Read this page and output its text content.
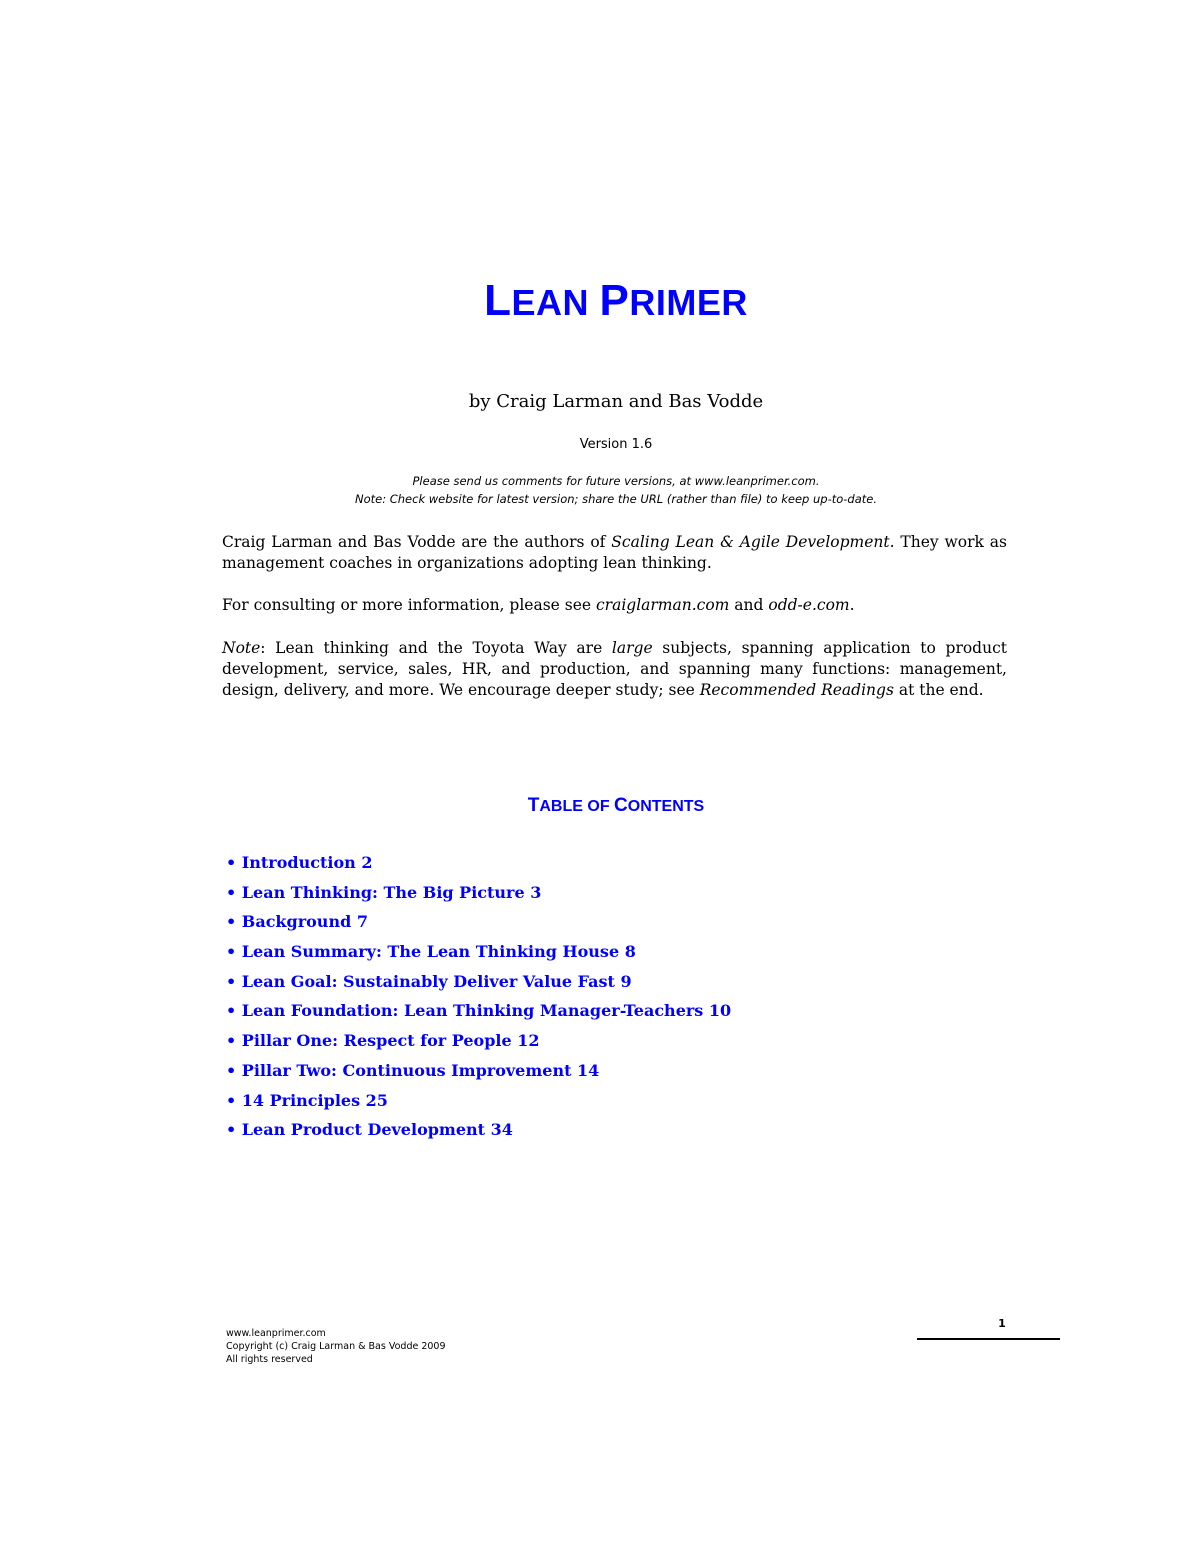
LEAN PRIMER

by Craig Larman and Bas Vodde

Version 1.6

Please send us comments for future versions, at www.leanprimer.com.
Note: Check website for latest version; share the URL (rather than file) to keep up-to-date.

Craig Larman and Bas Vodde are the authors of Scaling Lean & Agile Development. They work as management coaches in organizations adopting lean thinking.

For consulting or more information, please see craiglarman.com and odd-e.com.

Note: Lean thinking and the Toyota Way are large subjects, spanning application to product development, service, sales, HR, and production, and spanning many functions: management, design, delivery, and more. We encourage deeper study; see Recommended Readings at the end.

TABLE OF CONTENTS
• Introduction 2
• Lean Thinking: The Big Picture 3
• Background 7
• Lean Summary: The Lean Thinking House 8
• Lean Goal: Sustainably Deliver Value Fast 9
• Lean Foundation: Lean Thinking Manager-Teachers 10
• Pillar One: Respect for People 12
• Pillar Two: Continuous Improvement 14
• 14 Principles 25
• Lean Product Development 34
www.leanprimer.com
Copyright (c) Craig Larman & Bas Vodde 2009
All rights reserved
1
